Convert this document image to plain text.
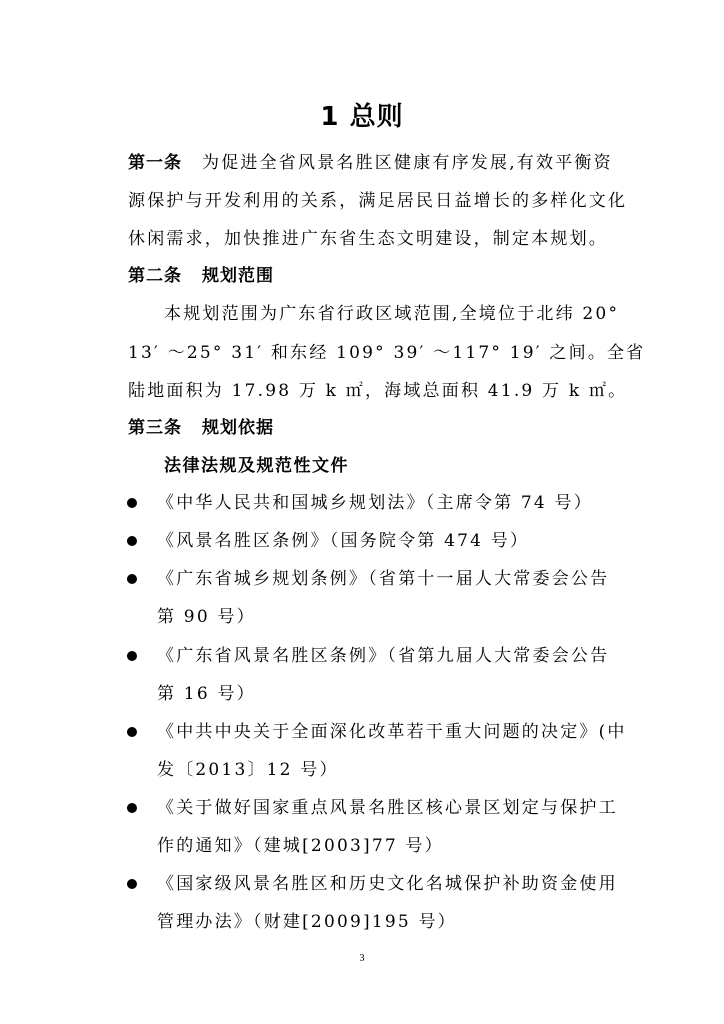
1 总则
第一条 为促进全省风景名胜区健康有序发展,有效平衡资
源保护与开发利用的关系，满足居民日益增长的多样化文化
休闲需求，加快推进广东省生态文明建设，制定本规划。
第二条 规划范围
本规划范围为广东省行政区域范围,全境位于北纬 20°
13′ ～25° 31′ 和东经 109° 39′ ～117° 19′ 之间。全省
陆地面积为 17.98 万 k ㎡，海域总面积 41.9 万 k ㎡。
第三条 规划依据
法律法规及规范性文件
《中华人民共和国城乡规划法》（主席令第 74 号）
《风景名胜区条例》（国务院令第 474 号）
《广东省城乡规划条例》（省第十一届人大常委会公告
第 90 号）
《广东省风景名胜区条例》（省第九届人大常委会公告
第 16 号）
《中共中央关于全面深化改革若干重大问题的决定》(中
发〔2013〕12 号）
《关于做好国家重点风景名胜区核心景区划定与保护工
作的通知》（建城[2003]77 号）
《国家级风景名胜区和历史文化名城保护补助资金使用
管理办法》（财建[2009]195 号）
3
